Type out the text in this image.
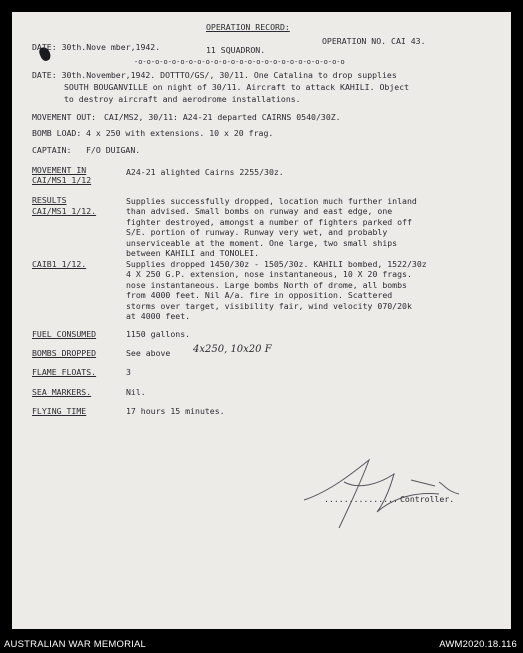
OPERATION RECORD:
OPERATION NO. CAI 43.
DATE: 30th.Nove mber,1942.	11 SQUADRON.
-o-o-o-o-o-o-o-o-o-o-o-o-o-o-o-o-o-o-o-o-o-o-o-o-o
DATE: 30th.November,1942. DOTTTO/GS/, 30/11. One Catalina to drop supplies
SOUTH BOUGANVILLE on night of 30/11. Aircraft to attack KAHILI. Object
to destroy aircraft and aerodrome installations.
MOVEMENT OUT: CAI/MS2, 30/11: A24-21 departed CAIRNS 0540/30Z.
BOMB LOAD: 4 x 250 with extensions. 10 x 20 frag.
CAPTAIN: F/O DUIGAN.
MOVEMENT IN
CAI/MS1 1/12
A24-21 alighted Cairns 2255/30z.
RESULTS
CAI/MS1 1/12.
Supplies successfully dropped, location much further inland
than advised. Small bombs on runway and east edge, one
fighter destroyed, amongst a number of fighters parked off
S/E. portion of runway. Runway very wet, and probably
unserviceable at the moment. One large, two small ships
between KAHILI and TONOLEI.
CAIB1 1/12.	Supplies dropped 1450/30z - 1505/30z. KAHILI bombed, 1522/30z
4 X 250 G.P. extension, nose instantaneous, 10 X 20 frags.
nose instantaneous. Large bombs North of drome, all bombs
from 4000 feet. Nil A/a. fire in opposition. Scattered
storms over target, visibility fair, wind velocity 070/20k
at 4000 feet.
FUEL CONSUMED	1150 gallons.
BOMBS DROPPED	See above 4x250, 10x20 F
FLAME FLOATS.	3
SEA MARKERS.	Nil.
FLYING TIME	17 hours 15 minutes.
............... Controller.
AUSTRALIAN WAR MEMORIAL	AWM2020.18.116
